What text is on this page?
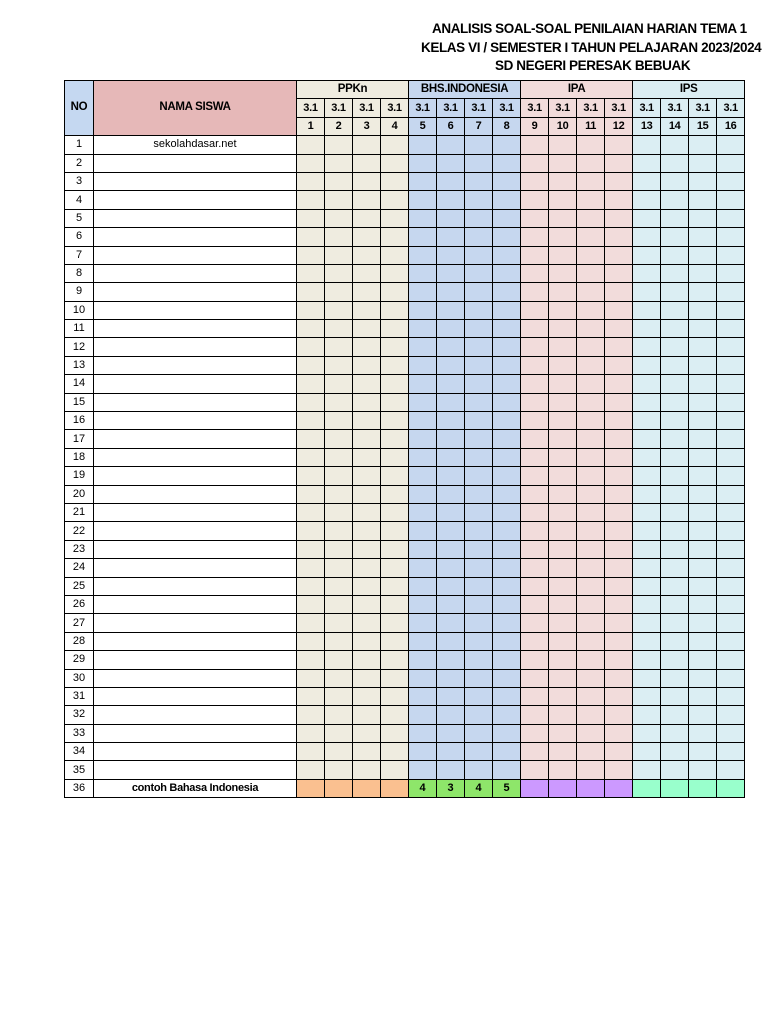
ANALISIS SOAL-SOAL PENILAIAN HARIAN TEMA 1
KELAS VI / SEMESTER I TAHUN PELAJARAN 2023/2024
SD NEGERI PERESAK BEBUAK
NO	NAMA SISWA	PPKn				BHS.INDONESIA				IPA				IPS			
		3.1	3.1	3.1	3.1	3.1	3.1	3.1	3.1	3.1	3.1	3.1	3.1	3.1	3.1	3.1	3.1
		1	2	3	4	5	6	7	8	9	10	11	12	13	14	15	16
1	sekolahdasar.net																
2																	
3																	
4																	
5																	
6																	
7																	
8																	
9																	
10																	
11																	
12																	
13																	
14																	
15																	
16																	
17																	
18																	
19																	
20																	
21																	
22																	
23																	
24																	
25																	
26																	
27																	
28																	
29																	
30																	
31																	
32																	
33																	
34																	
35																	
36	contoh Bahasa Indonesia					4	3	4	5								
